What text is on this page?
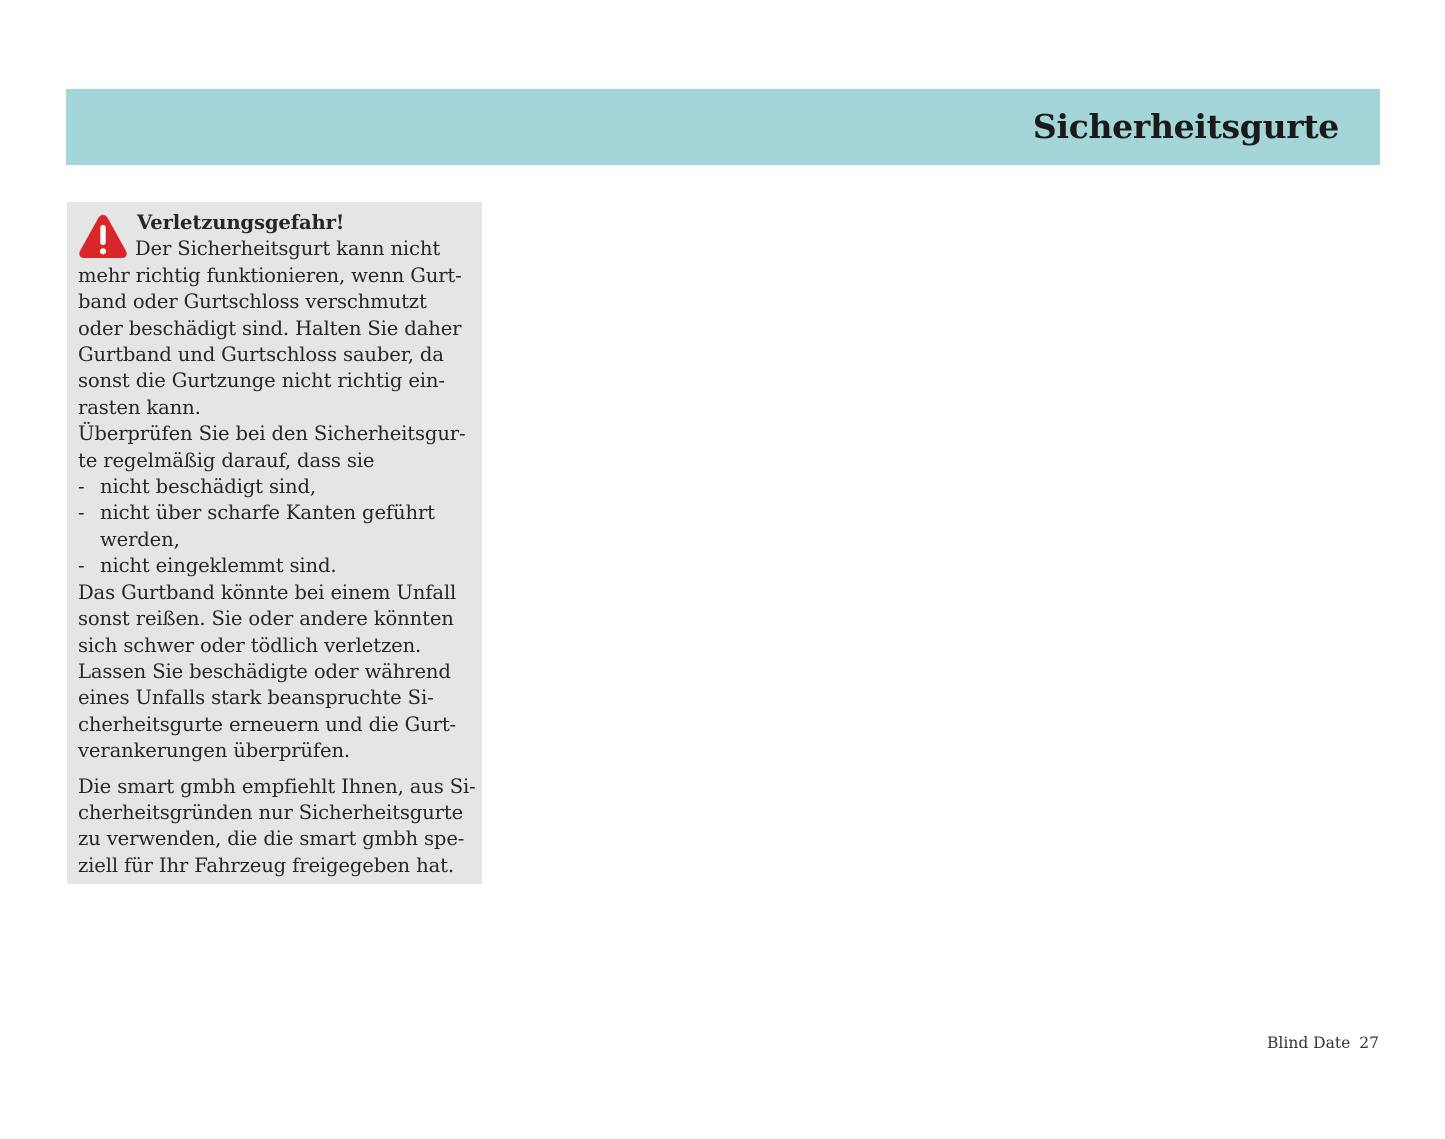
Sicherheitsgurte
Verletzungsgefahr!
Der Sicherheitsgurt kann nicht
mehr richtig funktionieren, wenn Gurt-
band oder Gurtschloss verschmutzt
oder beschädigt sind. Halten Sie daher
Gurtband und Gurtschloss sauber, da
sonst die Gurtzunge nicht richtig ein-
rasten kann.
Überprüfen Sie bei den Sicherheitsgur-
te regelmäßig darauf, dass sie
- nicht beschädigt sind,
- nicht über scharfe Kanten geführt
werden,
- nicht eingeklemmt sind.
Das Gurtband könnte bei einem Unfall
sonst reißen. Sie oder andere könnten
sich schwer oder tödlich verletzen.
Lassen Sie beschädigte oder während
eines Unfalls stark beanspruchte Si-
cherheitsgurte erneuern und die Gurt-
verankerungen überprüfen.
Die smart gmbh empfiehlt Ihnen, aus Si-
cherheitsgründen nur Sicherheitsgurte
zu verwenden, die die smart gmbh spe-
ziell für Ihr Fahrzeug freigegeben hat.
Blind Date 27
